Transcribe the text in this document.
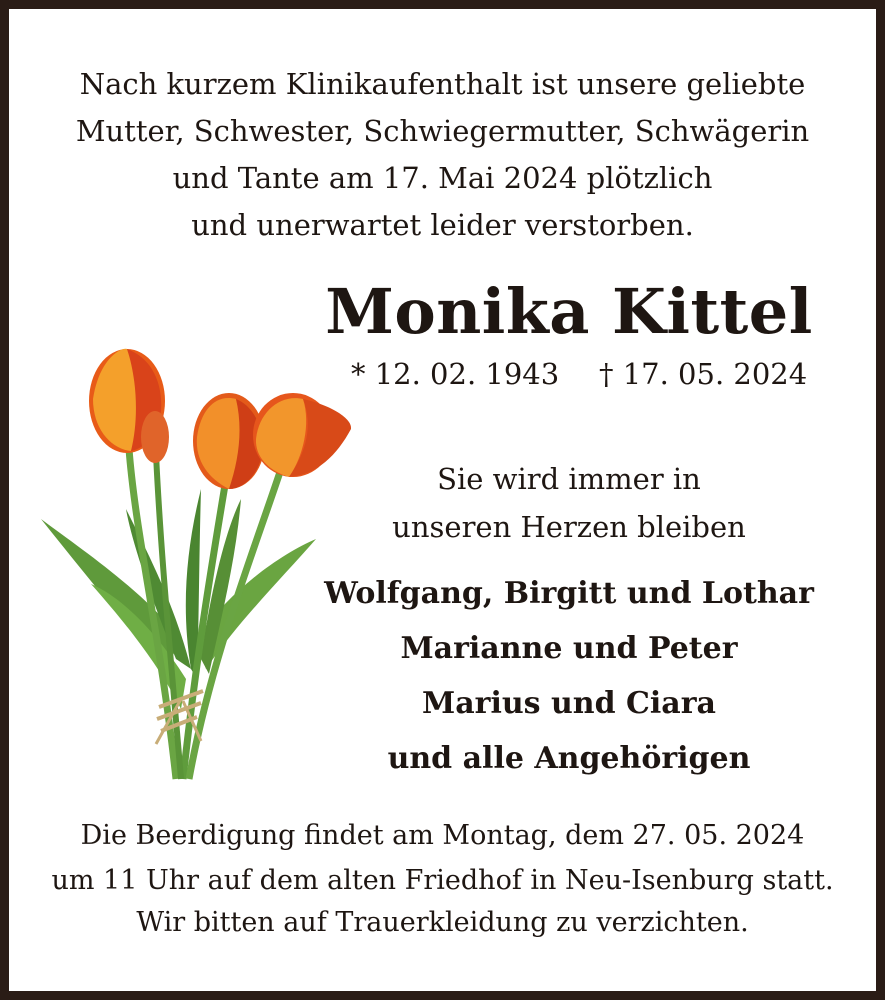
Nach kurzem Klinikaufenthalt ist unsere geliebte
Mutter, Schwester, Schwiegermutter, Schwägerin
und Tante am 17. Mai 2024 plötzlich
und unerwartet leider verstorben.
Monika Kittel
* 12. 02. 1943 † 17. 05. 2024
Sie wird immer in
unseren Herzen bleiben
Wolfgang, Birgitt und Lothar
Marianne und Peter
Marius und Ciara
und alle Angehörigen
Die Beerdigung findet am Montag, dem 27. 05. 2024
um 11 Uhr auf dem alten Friedhof in Neu-Isenburg statt.
Wir bitten auf Trauerkleidung zu verzichten.
